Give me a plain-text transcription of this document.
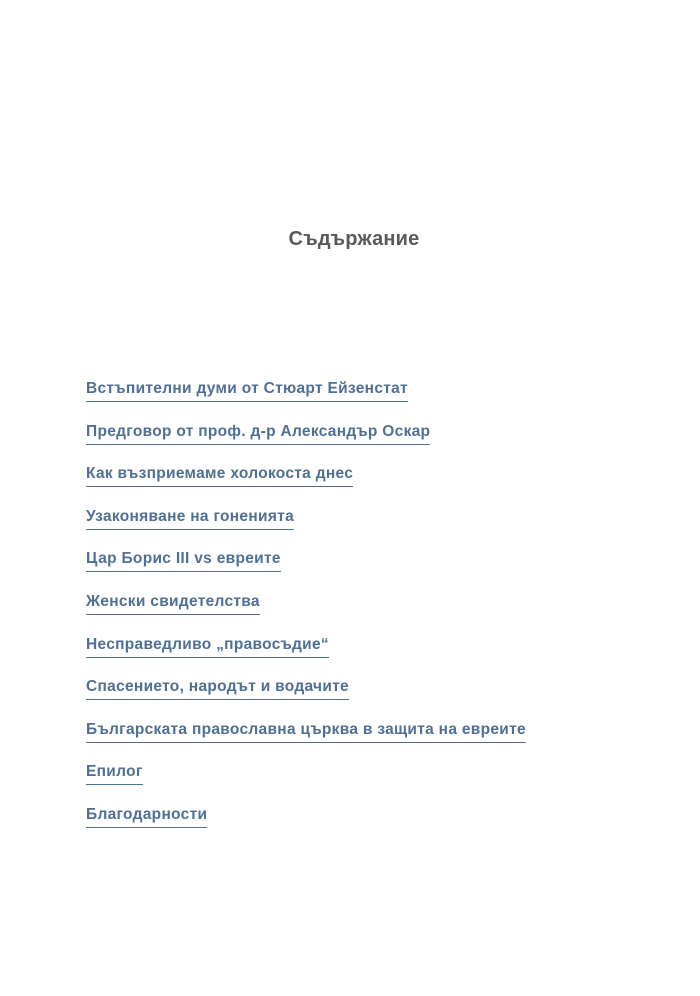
Съдържание
Встъпителни думи от Стюарт Ейзенстат
Предговор от проф. д-р Александър Оскар
Как възприемаме холокоста днес
Узаконяване на гоненията
Цар Борис III vs евреите
Женски свидетелства
Несправедливо „правосъдие“
Спасението, народът и водачите
Българската православна църква в защита на евреите
Епилог
Благодарности
